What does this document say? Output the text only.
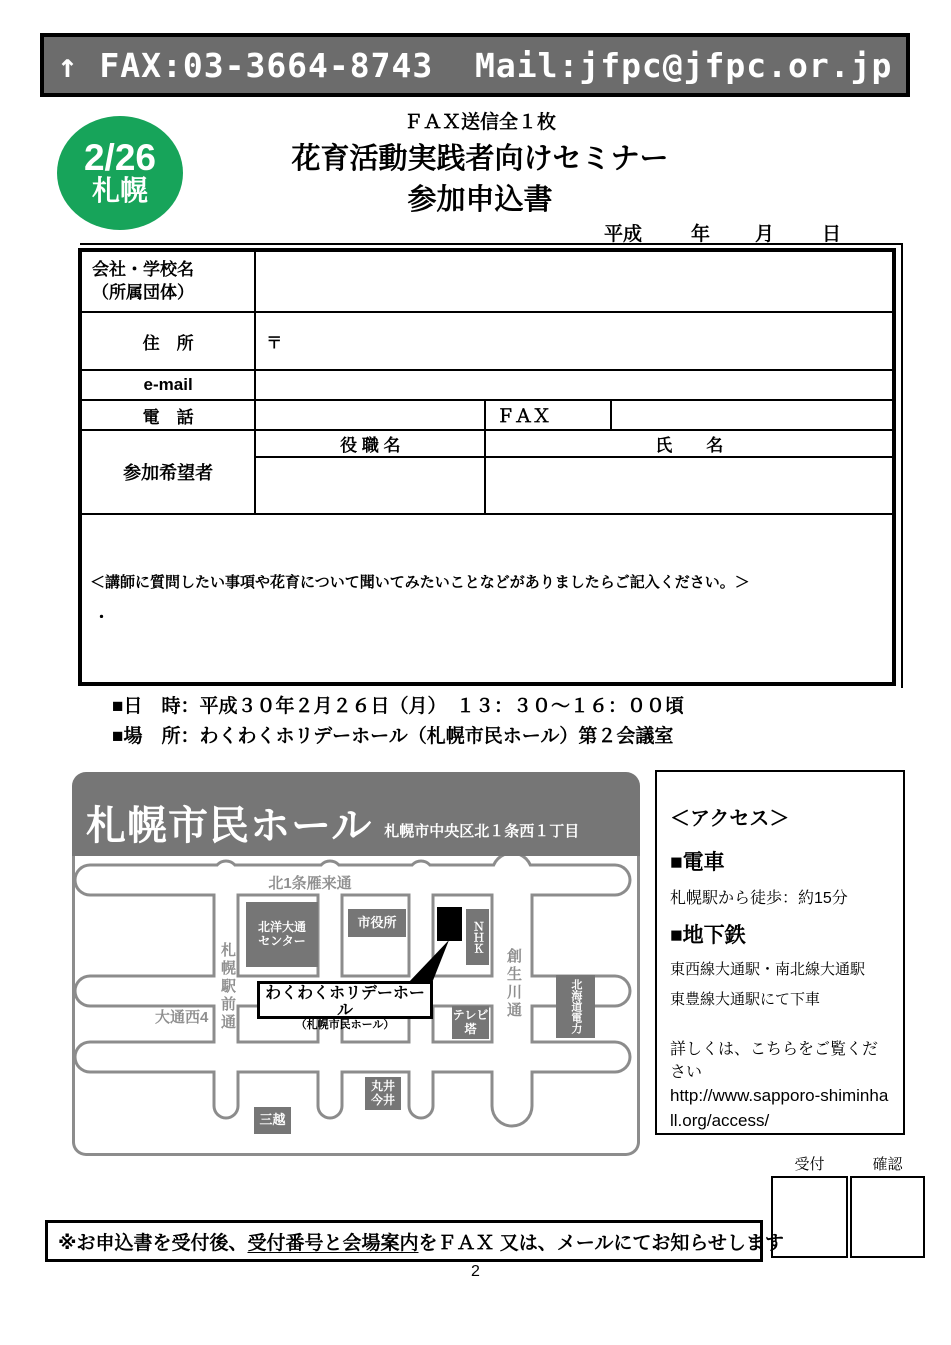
↑ FAX:03-3664-8743  Mail:jfpc@jfpc.or.jp
2/26
札幌
ＦＡＸ送信全１枚
花育活動実践者向けセミナー
参加申込書
平成	年 月	日
会社・学校名
（所属団体）			

住　所	〒		
e-mail			
電　話		ＦＡＸ	
参加希望者	役 職 名	氏　　名	

＜講師に質問したい事項や花育について聞いてみたいことなどがありましたらご記入ください。＞
・			
■日　時：平成３０年２月２６日（月）　１３：３０～１６：００頃
■場　所：わくわくホリデーホール（札幌市民ホール）第２会議室
札幌市民ホール 札幌市中央区北１条西１丁目
北1条雁来通
札幌駅前通	創生川通
大通西4
北洋大通
センター
市役所	ＮＨＫ
テレビ
塔	北海道電力
丸井
今井
三越
わくわくホリデーホール
（札幌市民ホール）
＜アクセス＞
■電車
札幌駅から徒歩：約15分
■地下鉄
東西線大通駅・南北線大通駅
東豊線大通駅にて下車
詳しくは、こちらをご覧ください
http://www.sapporo-shiminhall.org/access/
受付	確認
※お申込書を受付後、 受付番号と会場案内 をＦＡＸ 又は、メールにてお知らせします
2
